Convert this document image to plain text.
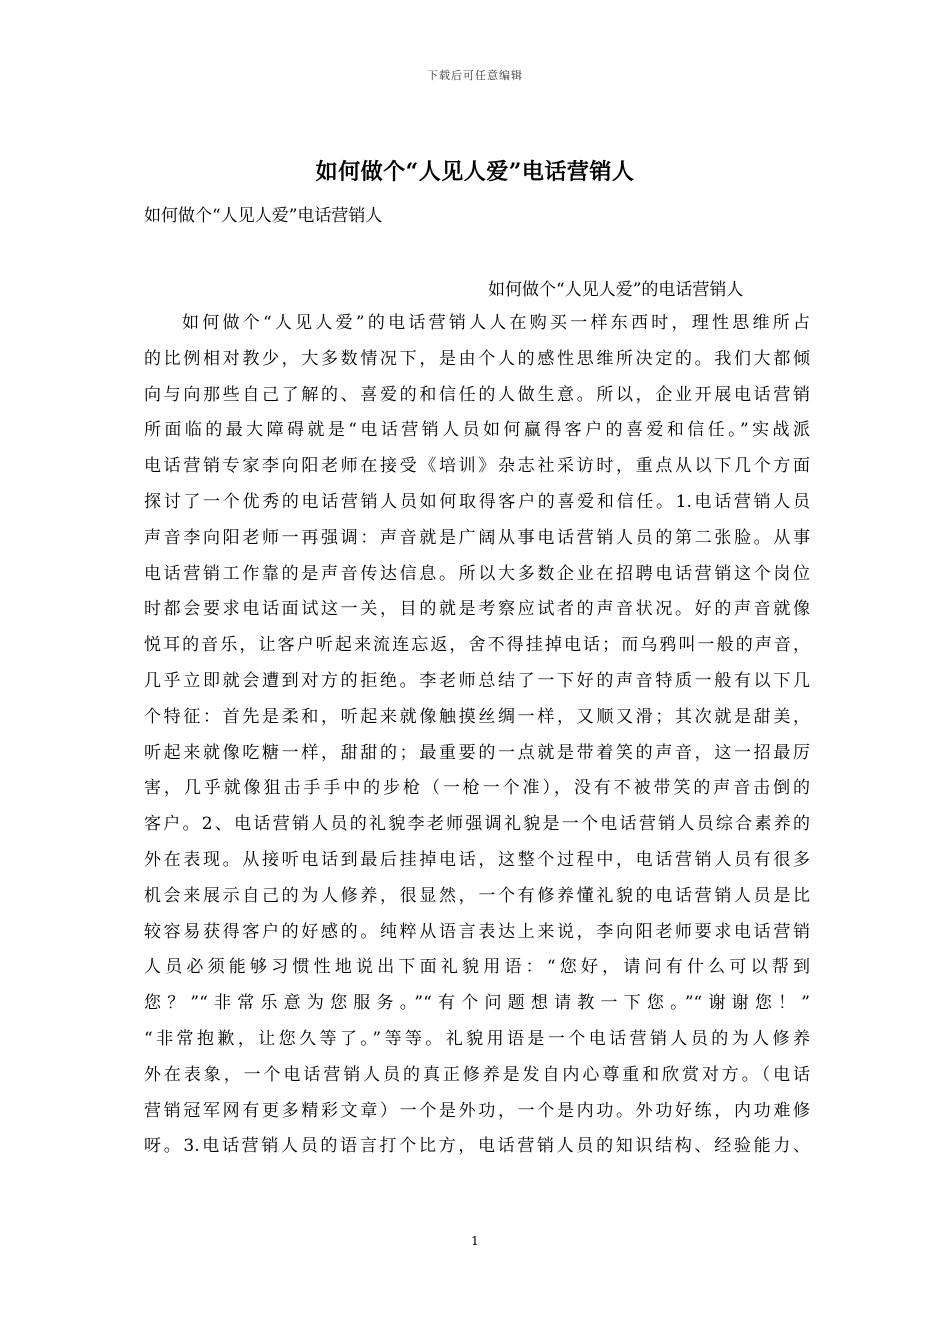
下载后可任意编辑
如何做个“人见人爱”电话营销人
如何做个“人见人爱”电话营销人
如何做个“人见人爱”的电话营销人
如何做个“人见人爱”的电话营销人人在购买一样东西时，理性思维所占
的比例相对教少，大多数情况下，是由个人的感性思维所决定的。我们大都倾
向与向那些自己了解的、喜爱的和信任的人做生意。所以，企业开展电话营销
所面临的最大障碍就是“电话营销人员如何赢得客户的喜爱和信任。”实战派
电话营销专家李向阳老师在接受《培训》杂志社采访时，重点从以下几个方面
探讨了一个优秀的电话营销人员如何取得客户的喜爱和信任。1.电话营销人员
声音李向阳老师一再强调：声音就是广阔从事电话营销人员的第二张脸。从事
电话营销工作靠的是声音传达信息。所以大多数企业在招聘电话营销这个岗位
时都会要求电话面试这一关，目的就是考察应试者的声音状况。好的声音就像
悦耳的音乐，让客户听起来流连忘返，舍不得挂掉电话；而乌鸦叫一般的声音，
几乎立即就会遭到对方的拒绝。李老师总结了一下好的声音特质一般有以下几
个特征：首先是柔和，听起来就像触摸丝绸一样，又顺又滑；其次就是甜美，
听起来就像吃糖一样，甜甜的；最重要的一点就是带着笑的声音，这一招最厉
害，几乎就像狙击手手中的步枪（一枪一个准），没有不被带笑的声音击倒的
客户。2、电话营销人员的礼貌李老师强调礼貌是一个电话营销人员综合素养的
外在表现。从接听电话到最后挂掉电话，这整个过程中，电话营销人员有很多
机会来展示自己的为人修养，很显然，一个有修养懂礼貌的电话营销人员是比
较容易获得客户的好感的。纯粹从语言表达上来说，李向阳老师要求电话营销
人员必须能够习惯性地说出下面礼貌用语：“您好，请问有什么可以帮到
您？”“非常乐意为您服务。”“有个问题想请教一下您。”“谢谢您！”
“非常抱歉，让您久等了。”等等。礼貌用语是一个电话营销人员的为人修养
外在表象，一个电话营销人员的真正修养是发自内心尊重和欣赏对方。（电话
营销冠军网有更多精彩文章）一个是外功，一个是内功。外功好练，内功难修
呀。3.电话营销人员的语言打个比方，电话营销人员的知识结构、经验能力、
1
